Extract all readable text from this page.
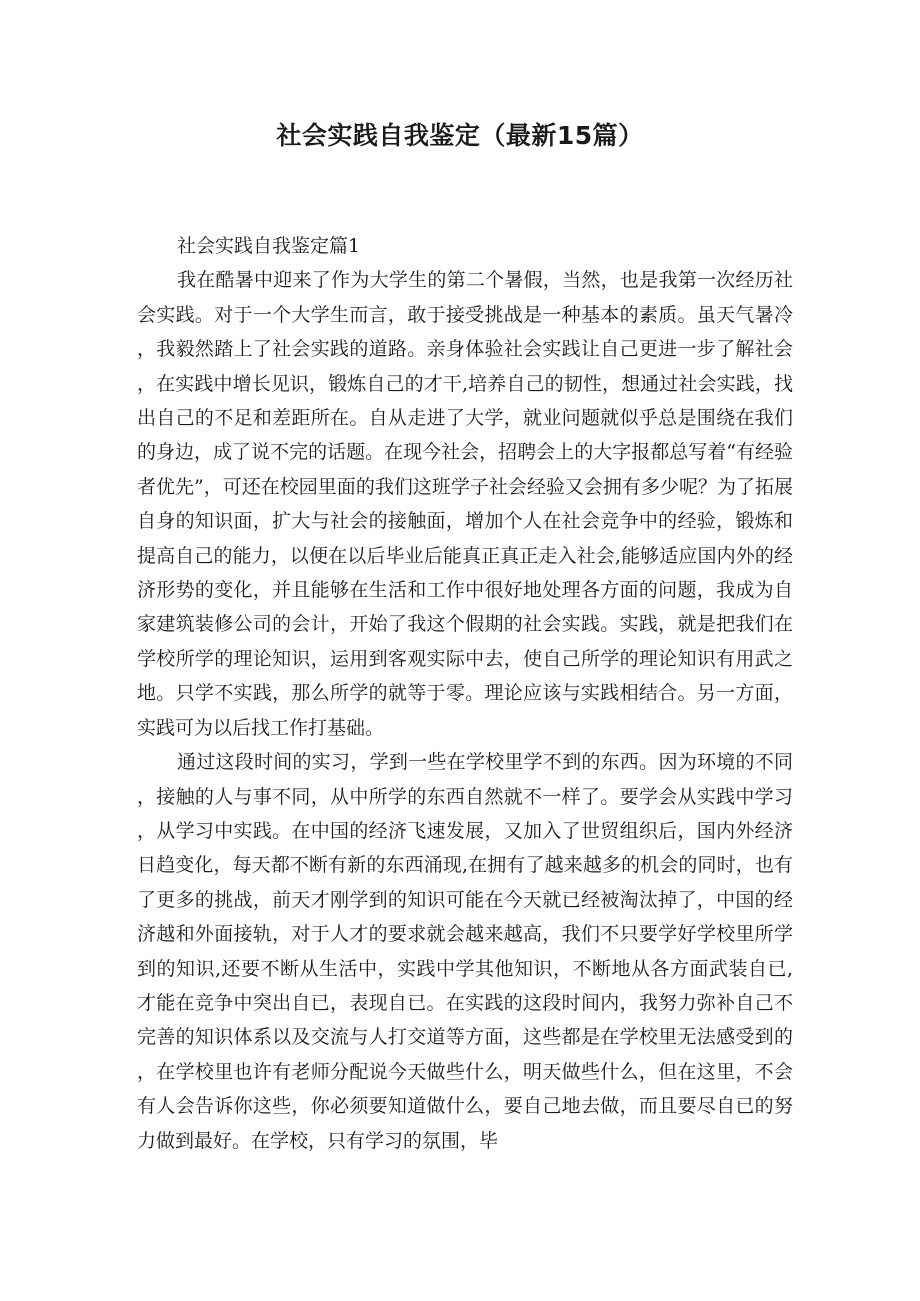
社会实践自我鉴定（最新15篇）
社会实践自我鉴定篇1

我在酷暑中迎来了作为大学生的第二个暑假，当然，也是我第一次经历社会实践。对于一个大学生而言，敢于接受挑战是一种基本的素质。虽天气暑冷，我毅然踏上了社会实践的道路。亲身体验社会实践让自己更进一步了解社会，在实践中增长见识，锻炼自己的才干,培养自己的韧性，想通过社会实践，找出自己的不足和差距所在。自从走进了大学，就业问题就似乎总是围绕在我们的身边，成了说不完的话题。在现今社会，招聘会上的大字报都总写着“有经验者优先”，可还在校园里面的我们这班学子社会经验又会拥有多少呢？为了拓展自身的知识面，扩大与社会的接触面，增加个人在社会竞争中的经验，锻炼和提高自己的能力，以便在以后毕业后能真正真正走入社会,能够适应国内外的经济形势的变化，并且能够在生活和工作中很好地处理各方面的问题，我成为自家建筑装修公司的会计，开始了我这个假期的社会实践。实践，就是把我们在学校所学的理论知识，运用到客观实际中去，使自己所学的理论知识有用武之地。只学不实践，那么所学的就等于零。理论应该与实践相结合。另一方面，实践可为以后找工作打基础。

通过这段时间的实习，学到一些在学校里学不到的东西。因为环境的不同，接触的人与事不同，从中所学的东西自然就不一样了。要学会从实践中学习，从学习中实践。在中国的经济飞速发展，又加入了世贸组织后，国内外经济日趋变化，每天都不断有新的东西涌现,在拥有了越来越多的机会的同时，也有了更多的挑战，前天才刚学到的知识可能在今天就已经被淘汰掉了，中国的经济越和外面接轨，对于人才的要求就会越来越高，我们不只要学好学校里所学到的知识,还要不断从生活中，实践中学其他知识，不断地从各方面武装自已,才能在竞争中突出自已，表现自已。在实践的这段时间内，我努力弥补自己不完善的知识体系以及交流与人打交道等方面，这些都是在学校里无法感受到的，在学校里也许有老师分配说今天做些什么，明天做些什么，但在这里，不会有人会告诉你这些，你必须要知道做什么，要自己地去做，而且要尽自已的努力做到最好。在学校，只有学习的氛围，毕
